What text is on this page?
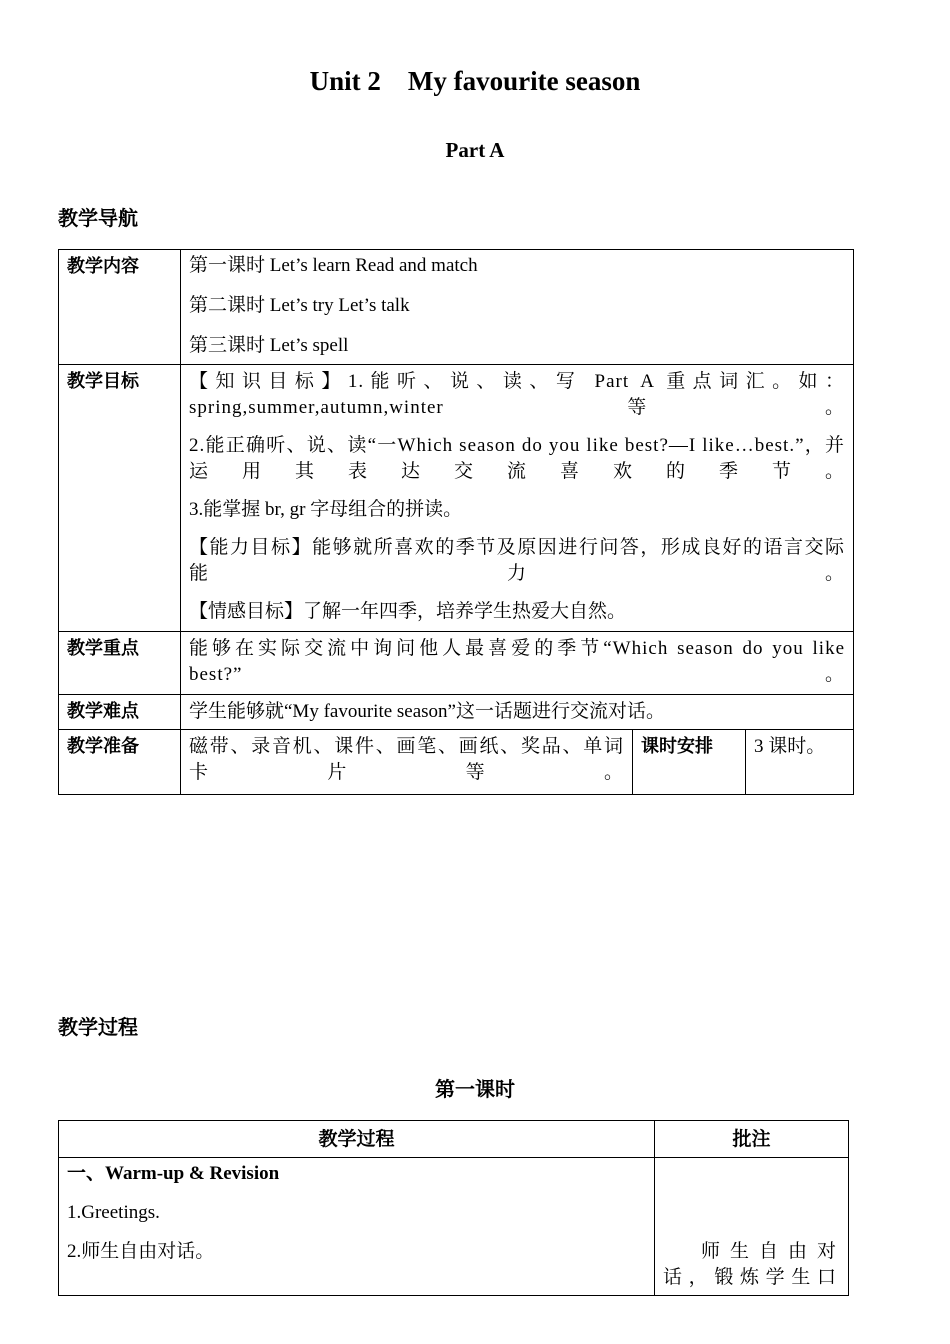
Unit 2    My favourite season
Part A
教学导航
教学内容	第一课时 Let’s learn Read and match

第二课时 Let’s try Let’s talk

第三课时 Let’s spell		

教学目标	【知识目标】1.能听、说、读、写 Part A 重点词汇。如：spring,summer,autumn,winter 等。

2.能正确听、说、读“一Which season do you like best?—I like…best.”，并运用其表达交流喜欢的季节。

3.能掌握 br, gr 字母组合的拼读。

【能力目标】能够就所喜欢的季节及原因进行问答，形成良好的语言交际能力。

【情感目标】了解一年四季，培养学生热爱大自然。		

教学重点	能够在实际交流中询问他人最喜爱的季节“Which season do you like best?”。		
教学难点	学生能够就“My favourite season”这一话题进行交流对话。		
教学准备	磁带、录音机、课件、画笔、画纸、奖品、单词卡片等。	课时安排	3 课时。
教学过程
第一课时
教学过程	批注

一、Warm-up & Revision

1.Greetings.

2.师生自由对话。	师生自由对话，锻炼学生口
